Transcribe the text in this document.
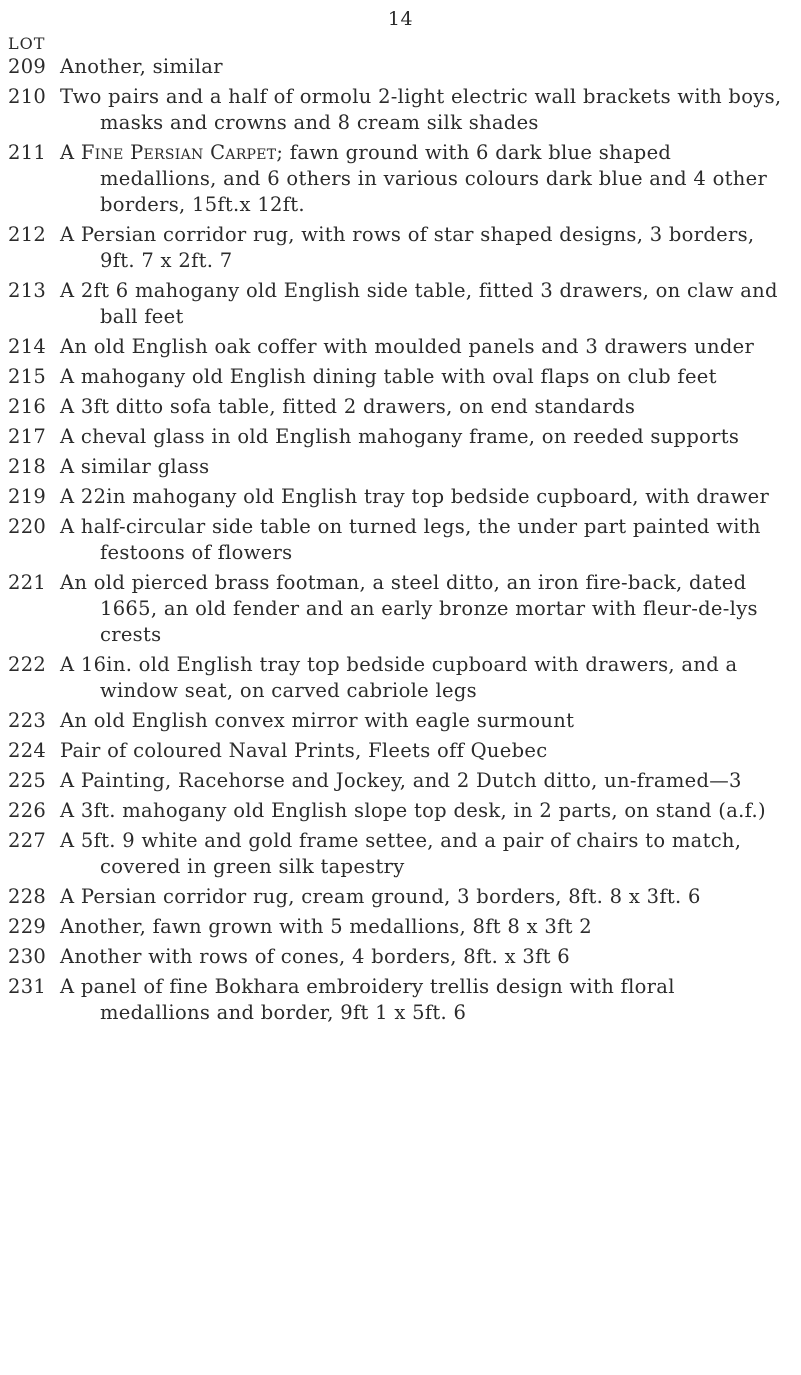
14
LOT
209 Another, similar
210 Two pairs and a half of ormolu 2-light electric wall brackets with boys, masks and crowns and 8 cream silk shades
211 A Fine Persian Carpet; fawn ground with 6 dark blue shaped medallions, and 6 others in various colours dark blue and 4 other borders, 15ft.x 12ft.
212 A Persian corridor rug, with rows of star shaped designs, 3 borders, 9ft. 7 x 2ft. 7
213 A 2ft 6 mahogany old English side table, fitted 3 drawers, on claw and ball feet
214 An old English oak coffer with moulded panels and 3 drawers under
215 A mahogany old English dining table with oval flaps on club feet
216 A 3ft ditto sofa table, fitted 2 drawers, on end standards
217 A cheval glass in old English mahogany frame, on reeded supports
218 A similar glass
219 A 22in mahogany old English tray top bedside cupboard, with drawer
220 A half-circular side table on turned legs, the under part painted with festoons of flowers
221 An old pierced brass footman, a steel ditto, an iron fire-back, dated 1665, an old fender and an early bronze mortar with fleur-de-lys crests
222 A 16in. old English tray top bedside cupboard with drawers, and a window seat, on carved cabriole legs
223 An old English convex mirror with eagle surmount
224 Pair of coloured Naval Prints, Fleets off Quebec
225 A Painting, Racehorse and Jockey, and 2 Dutch ditto, un-framed—3
226 A 3ft. mahogany old English slope top desk, in 2 parts, on stand (a.f.)
227 A 5ft. 9 white and gold frame settee, and a pair of chairs to match, covered in green silk tapestry
228 A Persian corridor rug, cream ground, 3 borders, 8ft. 8 x 3ft. 6
229 Another, fawn grown with 5 medallions, 8ft 8 x 3ft 2
230 Another with rows of cones, 4 borders, 8ft. x 3ft 6
231 A panel of fine Bokhara embroidery trellis design with floral medallions and border, 9ft 1 x 5ft. 6
